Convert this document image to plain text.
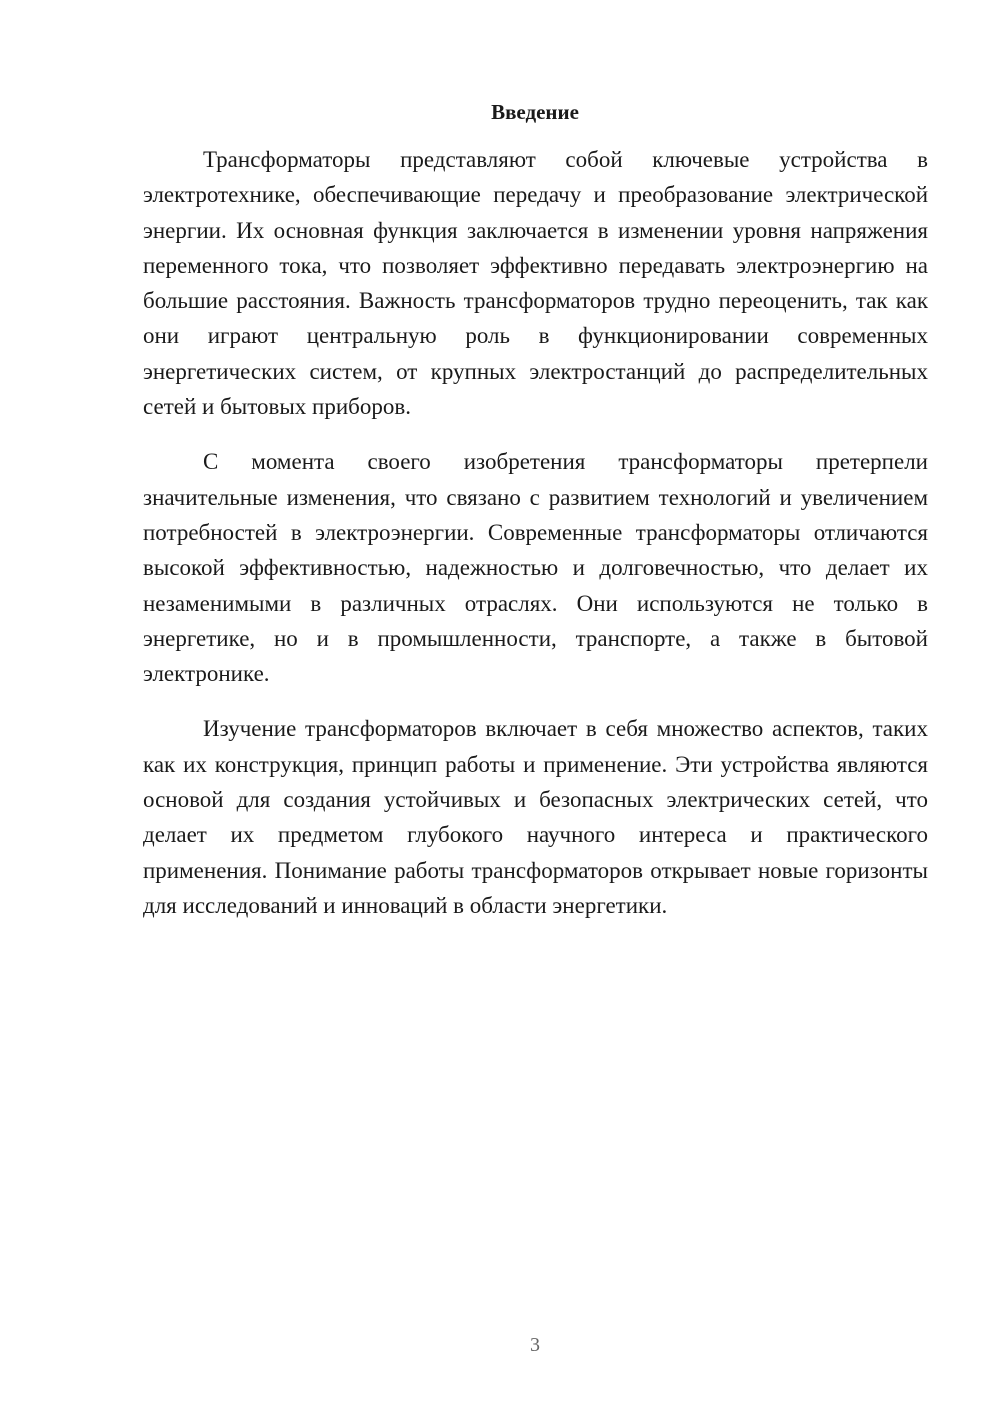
Введение

Трансформаторы представляют собой ключевые устройства в электротехнике, обеспечивающие передачу и преобразование электрической энергии. Их основная функция заключается в изменении уровня напряжения переменного тока, что позволяет эффективно передавать электроэнергию на большие расстояния. Важность трансформаторов трудно переоценить, так как они играют центральную роль в функционировании современных энергетических систем, от крупных электростанций до распределительных сетей и бытовых приборов.

С момента своего изобретения трансформаторы претерпели значительные изменения, что связано с развитием технологий и увеличением потребностей в электроэнергии. Современные трансформаторы отличаются высокой эффективностью, надежностью и долговечностью, что делает их незаменимыми в различных отраслях. Они используются не только в энергетике, но и в промышленности, транспорте, а также в бытовой электронике.

Изучение трансформаторов включает в себя множество аспектов, таких как их конструкция, принцип работы и применение. Эти устройства являются основой для создания устойчивых и безопасных электрических сетей, что делает их предметом глубокого научного интереса и практического применения. Понимание работы трансформаторов открывает новые горизонты для исследований и инноваций в области энергетики.

3
